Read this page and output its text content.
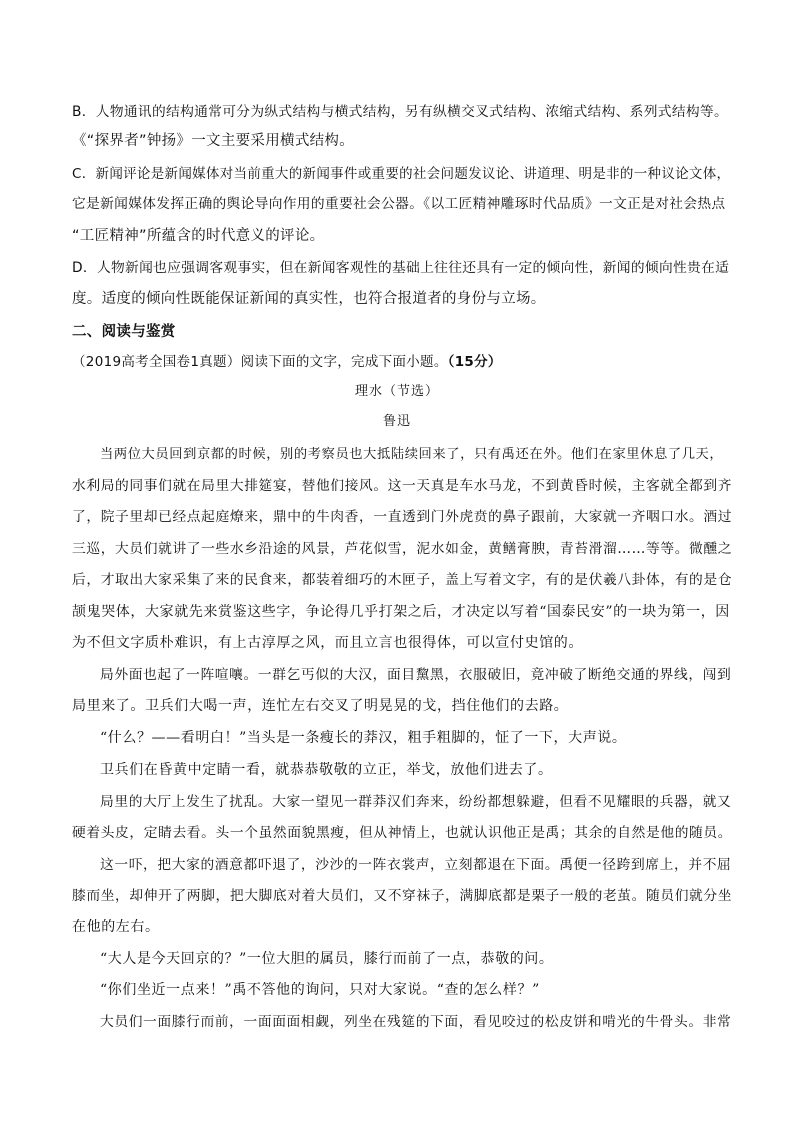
B．人物通讯的结构通常可分为纵式结构与横式结构，另有纵横交叉式结构、浓缩式结构、系列式结构等。
《“探界者”钟扬》一文主要采用横式结构。
C．新闻评论是新闻媒体对当前重大的新闻事件或重要的社会问题发议论、讲道理、明是非的一种议论文体，
它是新闻媒体发挥正确的舆论导向作用的重要社会公器。《以工匠精神雕琢时代品质》一文正是对社会热点
“工匠精神”所蕴含的时代意义的评论。
D．人物新闻也应强调客观事实，但在新闻客观性的基础上往往还具有一定的倾向性，新闻的倾向性贵在适
度。适度的倾向性既能保证新闻的真实性，也符合报道者的身份与立场。
二、阅读与鉴赏
（2019高考全国卷1真题）阅读下面的文字，完成下面小题。（15分）
理水（节选）
鲁迅
当两位大员回到京都的时候，别的考察员也大抵陆续回来了，只有禹还在外。他们在家里休息了几天，
水利局的同事们就在局里大排筵宴，替他们接风。这一天真是车水马龙，不到黄昏时候，主客就全都到齐
了，院子里却已经点起庭燎来，鼎中的牛肉香，一直透到门外虎贲的鼻子跟前，大家就一齐咽口水。酒过
三巡，大员们就讲了一些水乡沿途的风景，芦花似雪，泥水如金，黄鳝膏腴，青苔滑溜……等等。微醺之
后，才取出大家采集了来的民食来，都装着细巧的木匣子，盖上写着文字，有的是伏羲八卦体，有的是仓
颉鬼哭体，大家就先来赏鉴这些字，争论得几乎打架之后，才决定以写着“国泰民安”的一块为第一，因
为不但文字质朴难识，有上古淳厚之风，而且立言也很得体，可以宣付史馆的。
局外面也起了一阵喧嚷。一群乞丐似的大汉，面目黧黑，衣服破旧，竟冲破了断绝交通的界线，闯到
局里来了。卫兵们大喝一声，连忙左右交叉了明晃晃的戈，挡住他们的去路。
“什么？——看明白！”当头是一条瘦长的莽汉，粗手粗脚的，怔了一下，大声说。
卫兵们在昏黄中定睛一看，就恭恭敬敬的立正，举戈，放他们进去了。
局里的大厅上发生了扰乱。大家一望见一群莽汉们奔来，纷纷都想躲避，但看不见耀眼的兵器，就又
硬着头皮，定睛去看。头一个虽然面貌黑瘦，但从神情上，也就认识他正是禹；其余的自然是他的随员。
这一吓，把大家的酒意都吓退了，沙沙的一阵衣裳声，立刻都退在下面。禹便一径跨到席上，并不屈
膝而坐，却伸开了两脚，把大脚底对着大员们，又不穿袜子，满脚底都是栗子一般的老茧。随员们就分坐
在他的左右。
“大人是今天回京的？”一位大胆的属员，膝行而前了一点，恭敬的问。
“你们坐近一点来！”禹不答他的询问，只对大家说。“查的怎么样？”
大员们一面膝行而前，一面面面相觑，列坐在残筵的下面，看见咬过的松皮饼和啃光的牛骨头。非常
